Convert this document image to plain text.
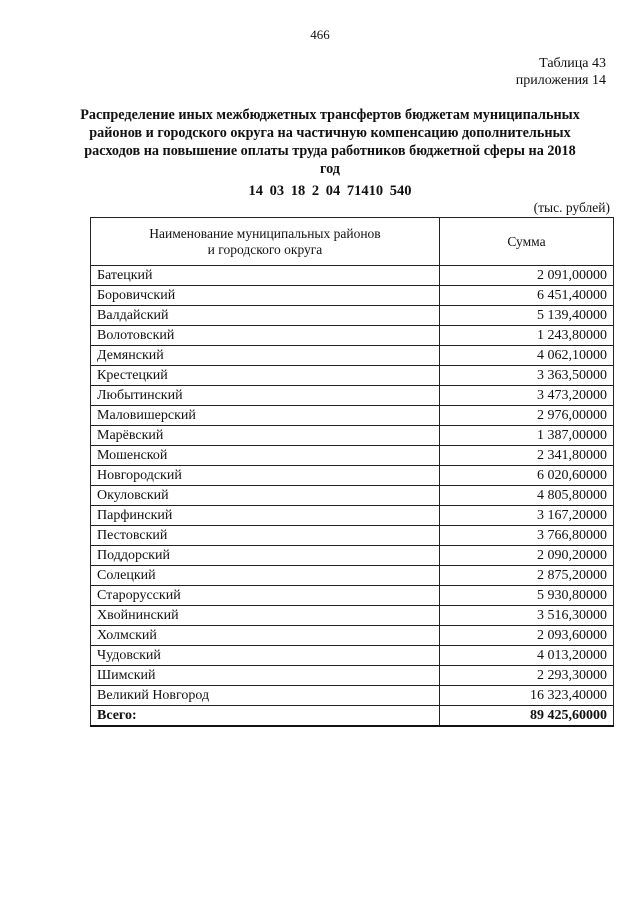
466
Таблица 43
приложения 14
Распределение иных межбюджетных трансфертов бюджетам муниципальных районов и городского округа на частичную компенсацию дополнительных расходов на повышение оплаты труда работников бюджетной сферы на 2018 год
14 03 18 2 04 71410 540
(тыс. рублей)
Наименование муниципальных районов
и городского округа	Сумма
Батецкий	2 091,00000
Боровичский	6 451,40000
Валдайский	5 139,40000
Волотовский	1 243,80000
Демянский	4 062,10000
Крестецкий	3 363,50000
Любытинский	3 473,20000
Маловишерский	2 976,00000
Марёвский	1 387,00000
Мошенской	2 341,80000
Новгородский	6 020,60000
Окуловский	4 805,80000
Парфинский	3 167,20000
Пестовский	3 766,80000
Поддорский	2 090,20000
Солецкий	2 875,20000
Старорусский	5 930,80000
Хвойнинский	3 516,30000
Холмский	2 093,60000
Чудовский	4 013,20000
Шимский	2 293,30000
Великий Новгород	16 323,40000
Всего:	89 425,60000
